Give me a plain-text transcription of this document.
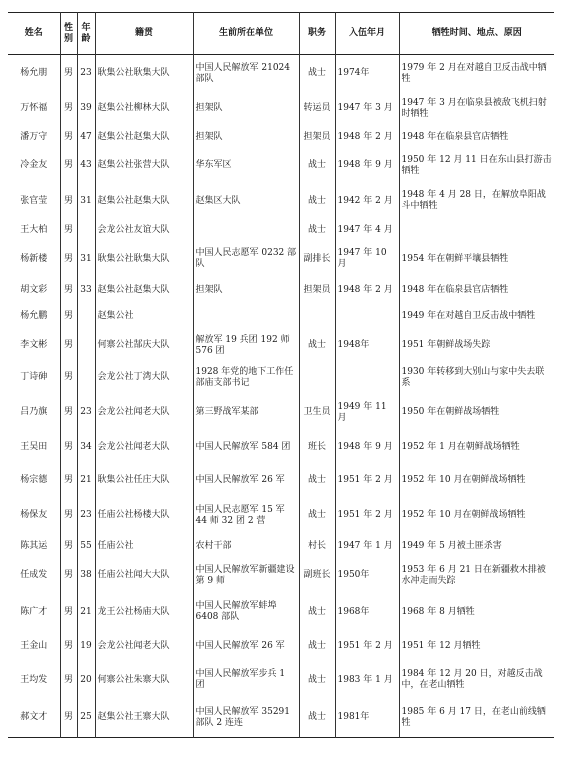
姓名	性别	年龄	籍贯	生前所在单位	职务	入伍年月	牺牲时间、地点、原因
杨允朋	男	23	耿集公社耿集大队	中国人民解放军 21024 部队	战士	1974年	1979 年 2 月在对越自卫反击战中牺牲
万怀福	男	39	赵集公社柳林大队	担架队	转运员	1947 年 3 月	1947 年 3 月在临泉县被敌飞机扫射时牺牲
潘万守	男	47	赵集公社赵集大队	担架队	担架员	1948 年 2 月	1948 年在临泉县官店牺牲
冷金友	男	43	赵集公社张营大队	华东军区	战士	1948 年 9 月	1950 年 12 月 11 日在东山县打游击牺牲
张官莹	男	31	赵集公社赵集大队	赵集区大队	战士	1942 年 2 月	1948 年 4 月 28 日，在解放阜阳战斗中牺牲
王大柏	男		会龙公社友谊大队		战士	1947 年 4 月	
杨新楼	男	31	耿集公社耿集大队	中国人民志愿军 0232 部队	副排长	1947 年 10 月	1954 年在朝鲜平壤县牺牲
胡文彩	男	33	赵集公社赵集大队	担架队	担架员	1948 年 2 月	1948 年在临泉县官店牺牲
杨允鹏	男		赵集公社				1949 年在对越自卫反击战中牺牲
李文彬	男		何寨公社郜庆大队	解放军 19 兵团 192 师 576 团	战士	1948年	1951 年朝鲜战场失踪
丁诗砷	男		会龙公社丁湾大队	1928 年党的地下工作任部庙支部书记			1930 年转移到大别山与家中失去联系
吕乃旗	男	23	会龙公社闻老大队	第三野战军某部	卫生员	1949 年 11 月	1950 年在朝鲜战场牺牲
王吴田	男	34	会龙公社闻老大队	中国人民解放军 584 团	班长	1948 年 9 月	1952 年 1 月在朝鲜战场牺牲
杨宗德	男	21	耿集公社任庄大队	中国人民解放军 26 军	战士	1951 年 2 月	1952 年 10 月在朝鲜战场牺牲
杨保友	男	23	任庙公社杨楼大队	中国人民志愿军 15 军 44 师 32 团 2 营	战士	1951 年 2 月	1952 年 10 月在朝鲜战场牺牲
陈其运	男	55	任庙公社	农村干部	村长	1947 年 1 月	1949 年 5 月被土匪杀害
任成发	男	38	任庙公社闻大大队	中国人民解放军新疆建设第 9 师	副班长	1950年	1953 年 6 月 21 日在新疆救木排被水冲走而失踪
陈广才	男	21	龙王公社杨庙大队	中国人民解放军蚌埠 6408 部队	战士	1968年	1968 年 8 月牺牲
王金山	男	19	会龙公社闻老大队	中国人民解放军 26 军	战士	1951 年 2 月	1951 年 12 月牺牲
王均发	男	20	何寨公社朱寨大队	中国人民解放军步兵 1 团	战士	1983 年 1 月	1984 年 12 月 20 日，对越反击战中，在老山牺牲
郝文才	男	25	赵集公社王寨大队	中国人民解放军 35291 部队 2 连连	战士	1981年	1985 年 6 月 17 日，在老山前线牺牲
